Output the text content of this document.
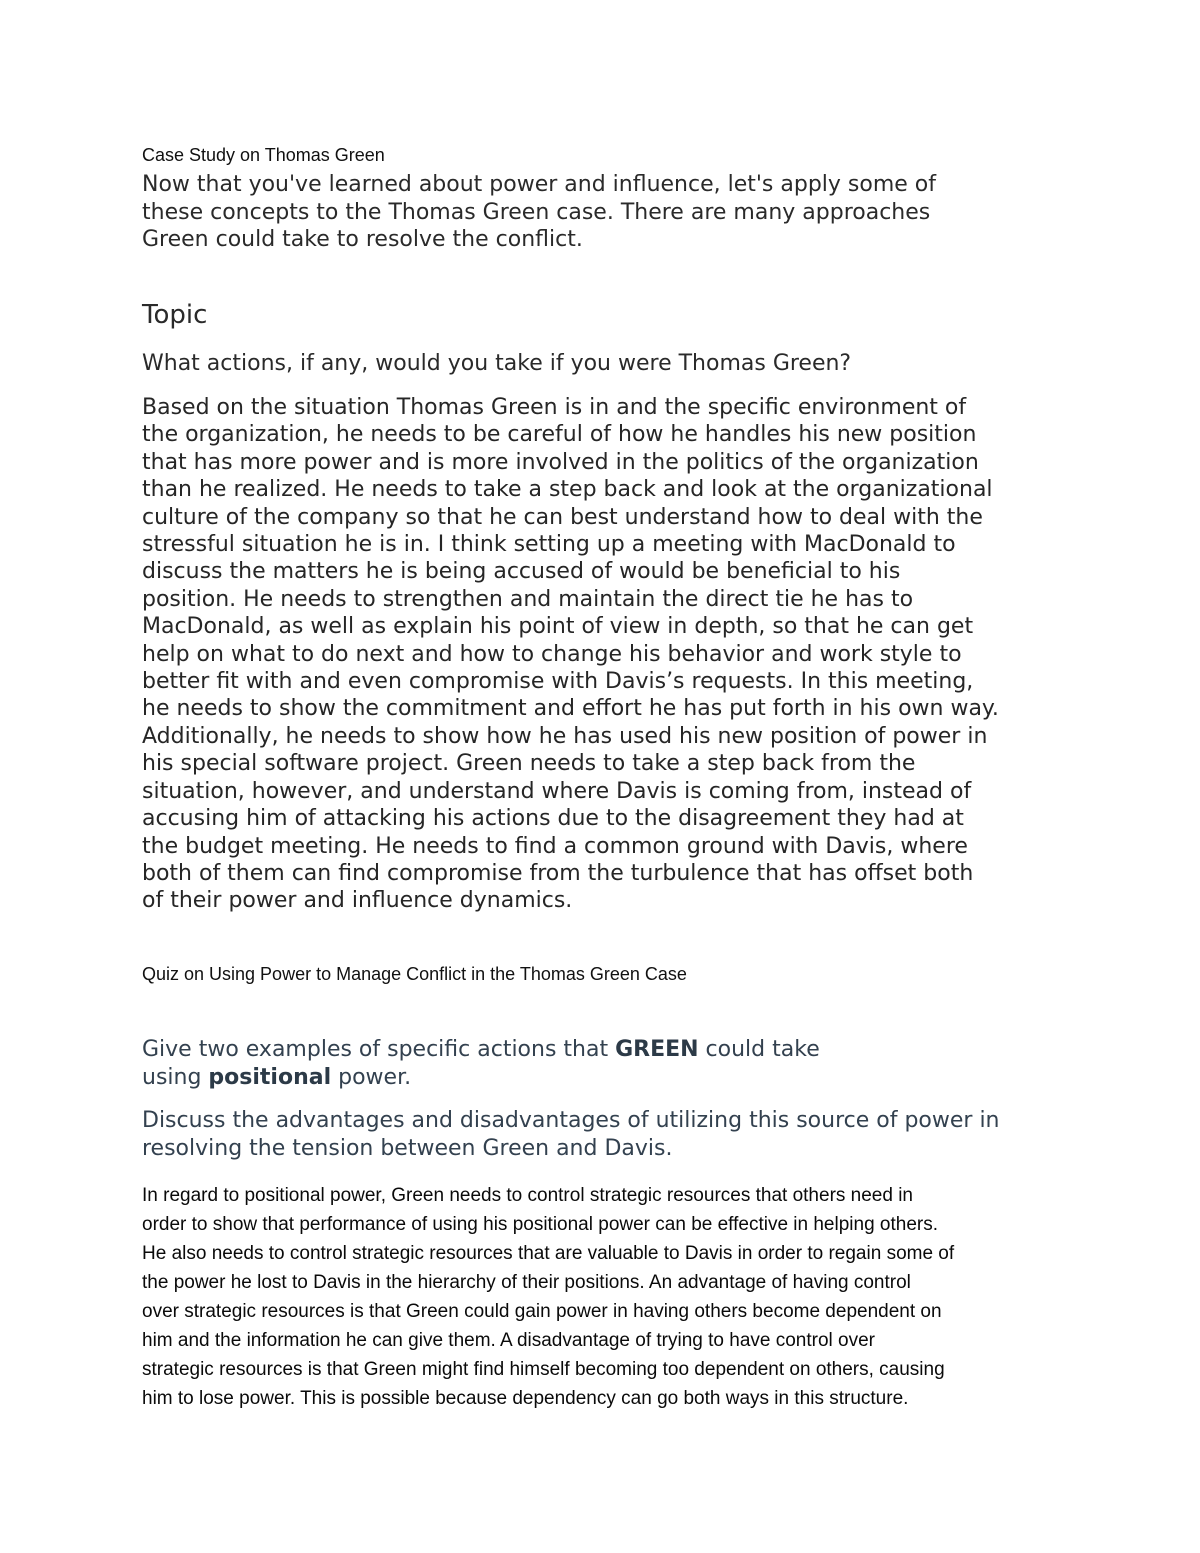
Case Study on Thomas Green
Now that you've learned about power and influence, let's apply some of
these concepts to the Thomas Green case. There are many approaches
Green could take to resolve the conflict.
Topic
What actions, if any, would you take if you were Thomas Green?
Based on the situation Thomas Green is in and the specific environment of
the organization, he needs to be careful of how he handles his new position
that has more power and is more involved in the politics of the organization
than he realized. He needs to take a step back and look at the organizational
culture of the company so that he can best understand how to deal with the
stressful situation he is in. I think setting up a meeting with MacDonald to
discuss the matters he is being accused of would be beneficial to his
position. He needs to strengthen and maintain the direct tie he has to
MacDonald, as well as explain his point of view in depth, so that he can get
help on what to do next and how to change his behavior and work style to
better fit with and even compromise with Davis’s requests. In this meeting,
he needs to show the commitment and effort he has put forth in his own way.
Additionally, he needs to show how he has used his new position of power in
his special software project. Green needs to take a step back from the
situation, however, and understand where Davis is coming from, instead of
accusing him of attacking his actions due to the disagreement they had at
the budget meeting. He needs to find a common ground with Davis, where
both of them can find compromise from the turbulence that has offset both
of their power and influence dynamics.
Quiz on Using Power to Manage Conflict in the Thomas Green Case
Give two examples of specific actions that GREEN could take
using positional power.
Discuss the advantages and disadvantages of utilizing this source of power in
resolving the tension between Green and Davis.
In regard to positional power, Green needs to control strategic resources that others need in
order to show that performance of using his positional power can be effective in helping others.
He also needs to control strategic resources that are valuable to Davis in order to regain some of
the power he lost to Davis in the hierarchy of their positions. An advantage of having control
over strategic resources is that Green could gain power in having others become dependent on
him and the information he can give them. A disadvantage of trying to have control over
strategic resources is that Green might find himself becoming too dependent on others, causing
him to lose power. This is possible because dependency can go both ways in this structure.
